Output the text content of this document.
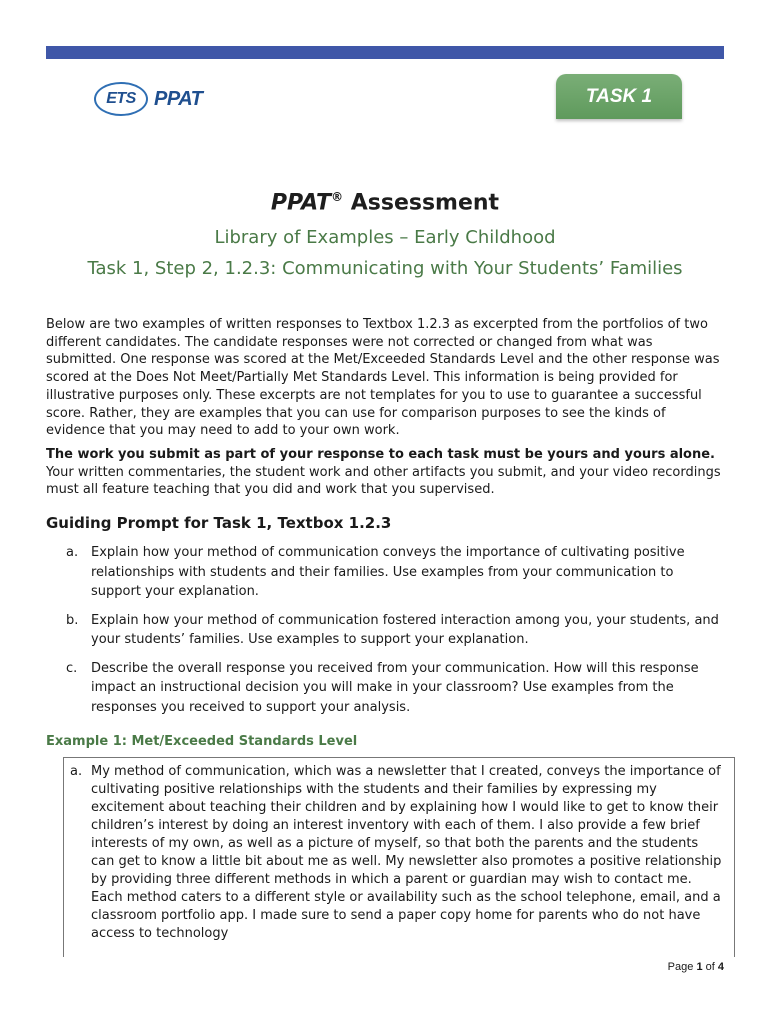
ETS PPAT	TASK 1
PPAT® Assessment

Library of Examples – Early Childhood

Task 1, Step 2, 1.2.3: Communicating with Your Students’ Families

Below are two examples of written responses to Textbox 1.2.3 as excerpted from the portfolios of two different candidates. The candidate responses were not corrected or changed from what was submitted. One response was scored at the Met/Exceeded Standards Level and the other response was scored at the Does Not Meet/Partially Met Standards Level. This information is being provided for illustrative purposes only. These excerpts are not templates for you to use to guarantee a successful score. Rather, they are examples that you can use for comparison purposes to see the kinds of evidence that you may need to add to your own work.

The work you submit as part of your response to each task must be yours and yours alone. Your written commentaries, the student work and other artifacts you submit, and your video recordings must all feature teaching that you did and work that you supervised.

Guiding Prompt for Task 1, Textbox 1.2.3
a. Explain how your method of communication conveys the importance of cultivating positive relationships with students and their families. Use examples from your communication to support your explanation.
b. Explain how your method of communication fostered interaction among you, your students, and your students’ families. Use examples to support your explanation.
c. Describe the overall response you received from your communication. How will this response impact an instructional decision you will make in your classroom? Use examples from the responses you received to support your analysis.
Example 1: Met/Exceeded Standards Level
a. My method of communication, which was a newsletter that I created, conveys the importance of cultivating positive relationships with the students and their families by expressing my excitement about teaching their children and by explaining how I would like to get to know their children’s interest by doing an interest inventory with each of them. I also provide a few brief interests of my own, as well as a picture of myself, so that both the parents and the students can get to know a little bit about me as well. My newsletter also promotes a positive relationship by providing three different methods in which a parent or guardian may wish to contact me. Each method caters to a different style or availability such as the school telephone, email, and a classroom portfolio app. I made sure to send a paper copy home for parents who do not have access to technology
Page 1 of 4
